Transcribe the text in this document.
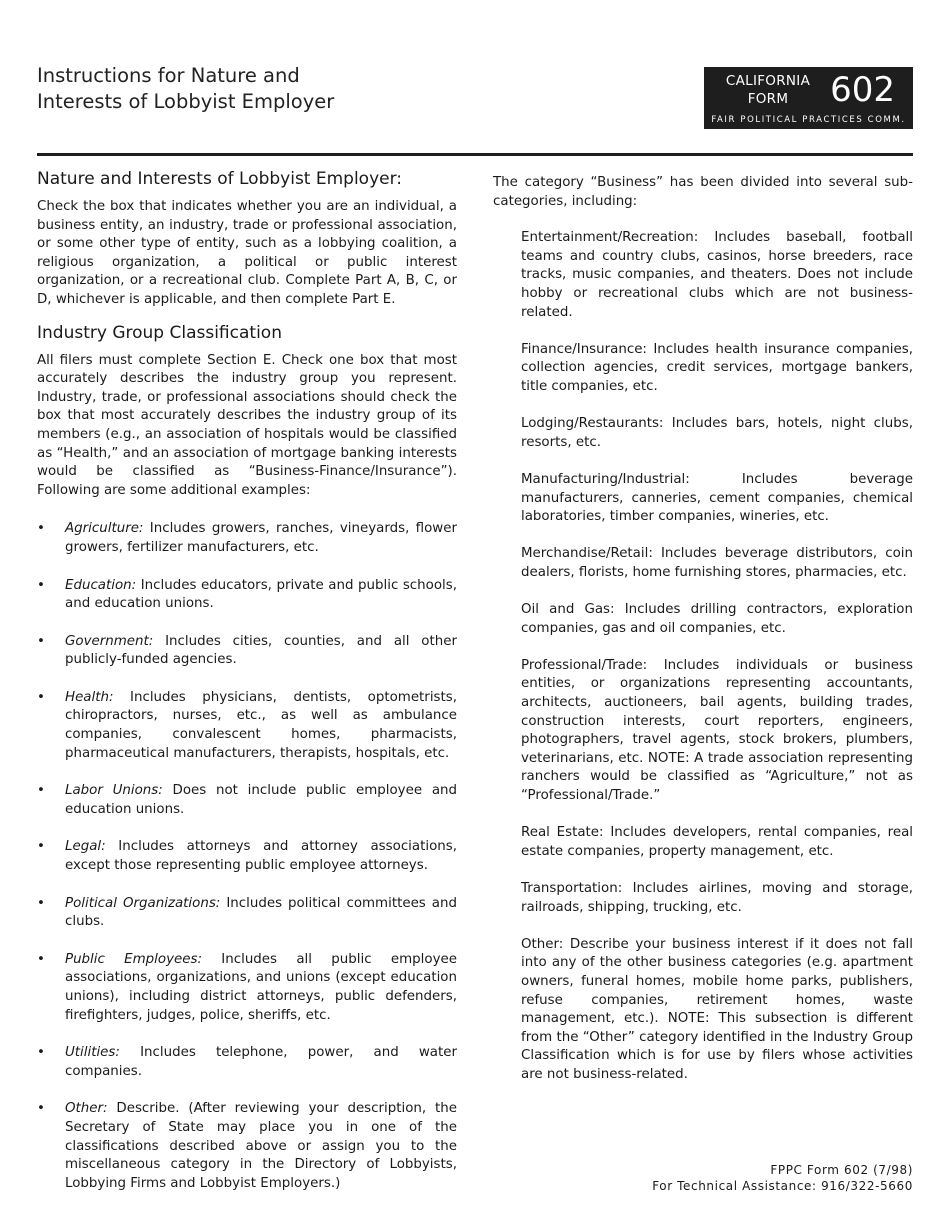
Instructions for Nature and
Interests of Lobbyist Employer
CALIFORNIA
FORM	602
FAIR POLITICAL PRACTICES COMM.
Nature and Interests of Lobbyist Employer:

Check the box that indicates whether you are an individual, a business entity, an industry, trade or professional association, or some other type of entity, such as a lobbying coalition, a religious organization, a political or public interest organization, or a recreational club. Complete Part A, B, C, or D, whichever is applicable, and then complete Part E.

Industry Group Classification

All filers must complete Section E. Check one box that most accurately describes the industry group you represent. Industry, trade, or professional associations should check the box that most accurately describes the industry group of its members (e.g., an association of hospitals would be classified as “Health,” and an association of mortgage banking interests would be classified as “Business-Finance/Insurance”). Following are some additional examples:

• Agriculture: Includes growers, ranches, vineyards, flower growers, fertilizer manufacturers, etc.
• Education: Includes educators, private and public schools, and education unions.
• Government: Includes cities, counties, and all other publicly-funded agencies.
• Health: Includes physicians, dentists, optometrists, chiropractors, nurses, etc., as well as ambulance companies, convalescent homes, pharmacists, pharmaceutical manufacturers, therapists, hospitals, etc.
• Labor Unions: Does not include public employee and education unions.
• Legal: Includes attorneys and attorney associations, except those representing public employee attorneys.
• Political Organizations: Includes political committees and clubs.
• Public Employees: Includes all public employee associations, organizations, and unions (except education unions), including district attorneys, public defenders, firefighters, judges, police, sheriffs, etc.
• Utilities: Includes telephone, power, and water companies.
• Other: Describe. (After reviewing your description, the Secretary of State may place you in one of the classifications described above or assign you to the miscellaneous category in the Directory of Lobbyists, Lobbying Firms and Lobbyist Employers.)

The category “Business” has been divided into several sub-categories, including:

Entertainment/Recreation: Includes baseball, football teams and country clubs, casinos, horse breeders, race tracks, music companies, and theaters. Does not include hobby or recreational clubs which are not business-related.

Finance/Insurance: Includes health insurance companies, collection agencies, credit services, mortgage bankers, title companies, etc.

Lodging/Restaurants: Includes bars, hotels, night clubs, resorts, etc.

Manufacturing/Industrial: Includes beverage manufacturers, canneries, cement companies, chemical laboratories, timber companies, wineries, etc.

Merchandise/Retail: Includes beverage distributors, coin dealers, florists, home furnishing stores, pharmacies, etc.

Oil and Gas: Includes drilling contractors, exploration companies, gas and oil companies, etc.

Professional/Trade: Includes individuals or business entities, or organizations representing accountants, architects, auctioneers, bail agents, building trades, construction interests, court reporters, engineers, photographers, travel agents, stock brokers, plumbers, veterinarians, etc. NOTE: A trade association representing ranchers would be classified as “Agriculture,” not as “Professional/Trade.”

Real Estate: Includes developers, rental companies, real estate companies, property management, etc.

Transportation: Includes airlines, moving and storage, railroads, shipping, trucking, etc.

Other: Describe your business interest if it does not fall into any of the other business categories (e.g. apartment owners, funeral homes, mobile home parks, publishers, refuse companies, retirement homes, waste management, etc.). NOTE: This subsection is different from the “Other” category identified in the Industry Group Classification which is for use by filers whose activities are not business-related.

FPPC Form 602 (7/98)
For Technical Assistance: 916/322-5660
